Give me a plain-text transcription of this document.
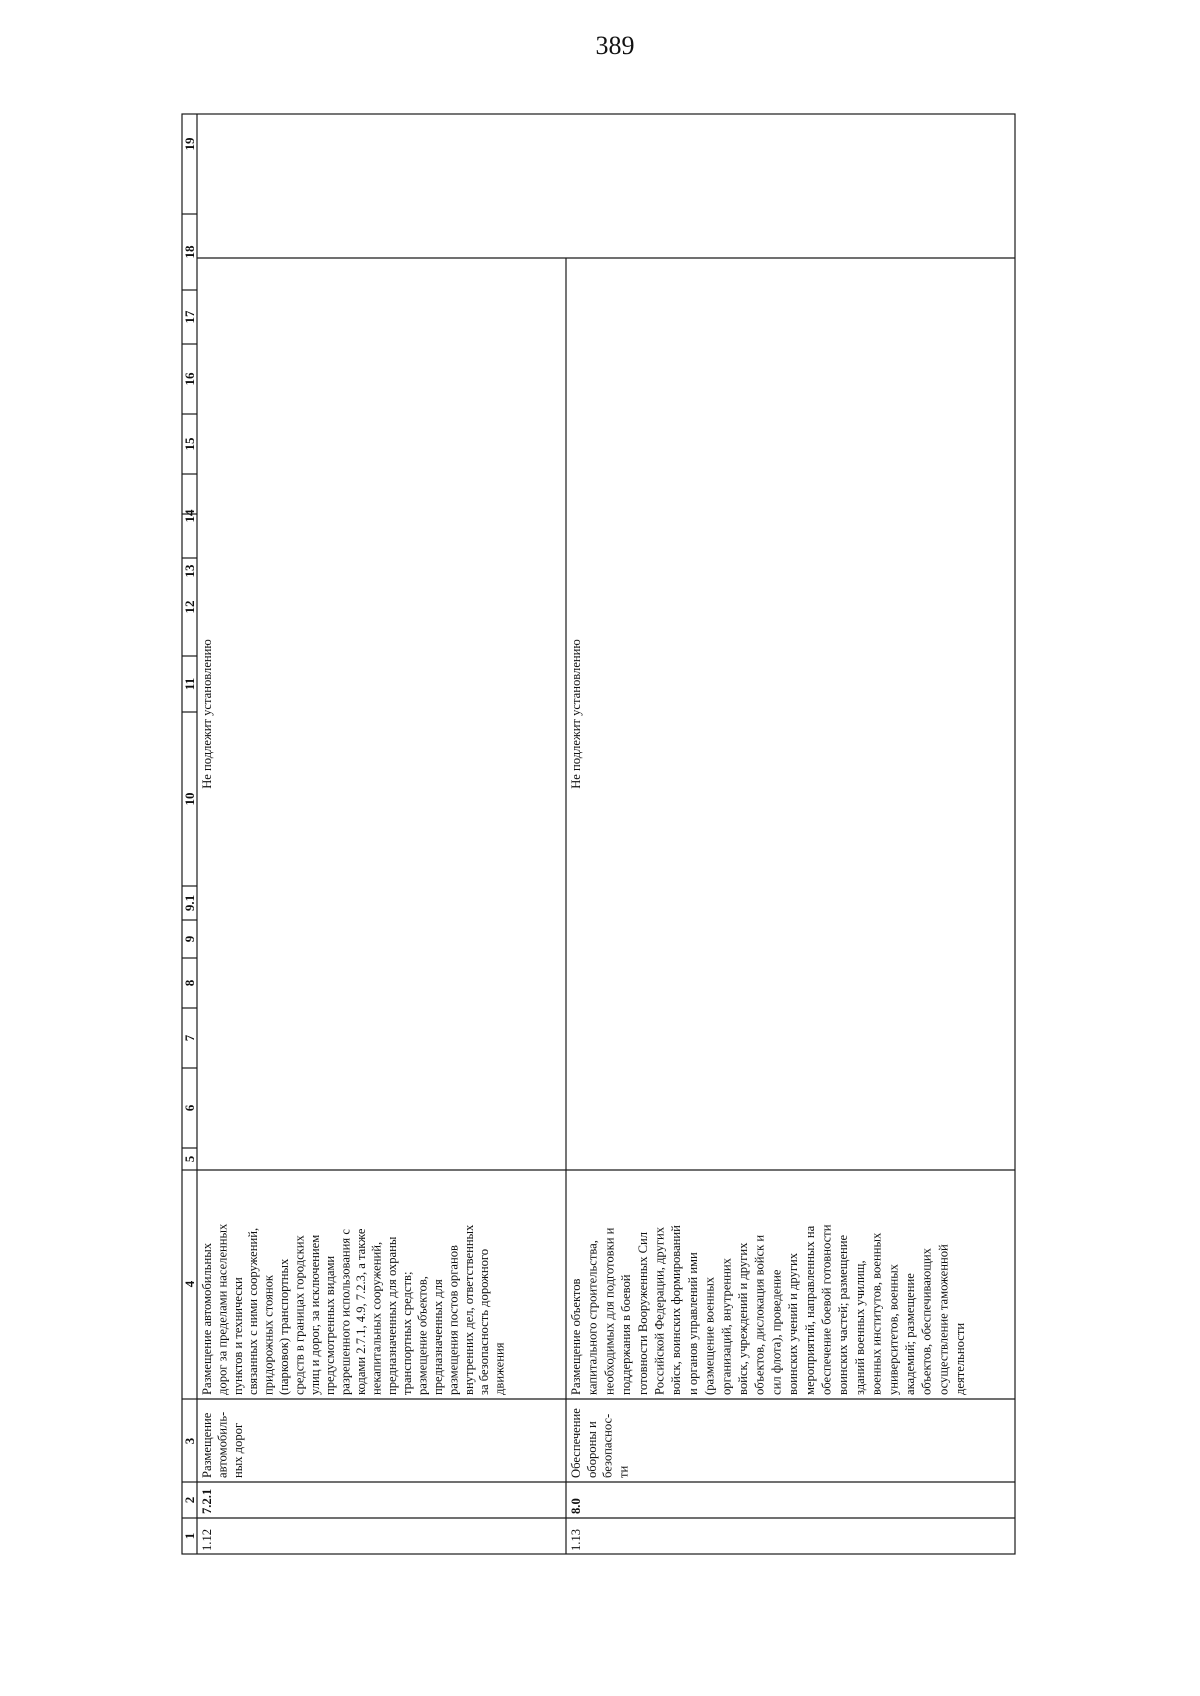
389
1
2
3
4
5
6
7
8
9
9.1
10
11
12
13
14
15
16
17
18
19
1.12
7.2.1
Размещение автомобиль- ных дорог
Размещение автомобильных дорог за пределами населенных пунктов и технически связанных с ними сооружений, придорожных стоянок (парковок) транспортных средств в границах городских улиц и дорог, за исключением предусмотренных видами разрешенного использования с кодами 2.7.1, 4.9, 7.2.3, а также некапитальных сооружений, предназначенных для охраны транспортных средств; размещение объектов, предназначенных для размещения постов органов внутренних дел, ответственных за безопасность дорожного движения
Не подлежит установлению
1.13
8.0
Обеспечение обороны и безопаснос- ти
Размещение объектов капитального строительства, необходимых для подготовки и поддержания в боевой готовности Вооруженных Сил Российской Федерации, других войск, воинских формирований и органов управлений ими (размещение военных организаций, внутренних войск, учреждений и других объектов, дислокация войск и сил флота), проведение воинских учений и других мероприятий, направленных на обеспечение боевой готовности воинских частей; размещение зданий военных училищ, военных институтов, военных университетов, военных академий; размещение объектов, обеспечивающих осуществление таможенной деятельности
Не подлежит установлению
